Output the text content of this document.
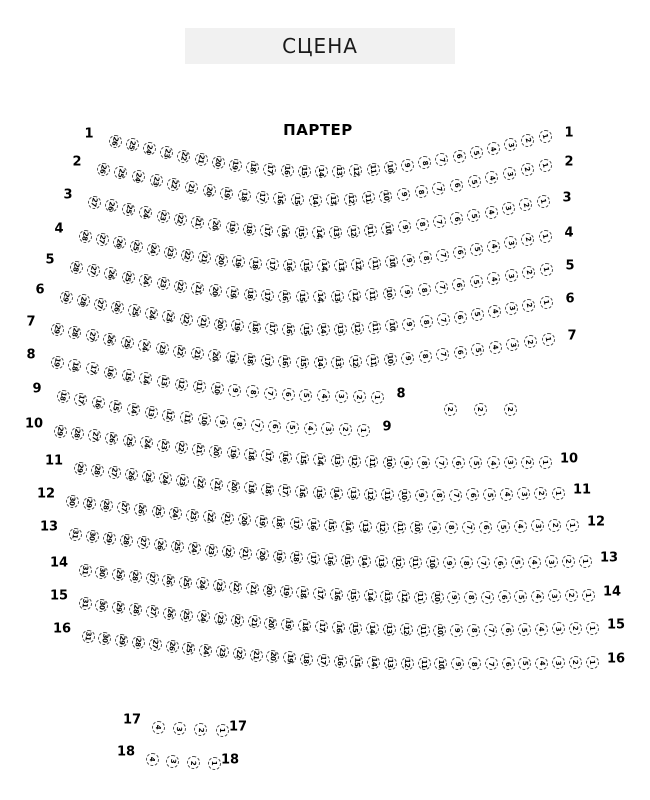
СЦЕНА
ПАРТЕР
26 25 24 23 22 21 20 19 18 17 16 15 14 13 12 11 10 9 8
7
6
5
4
3
2
1
1	1
26 25 24 23 22 21 20 19 18 17 16 15 14 13 12 11 10 9 8
7
6
5
4
3
2
1
2	2
27 26 25 24 23 22 21 20 19 18 17 16 15 14 13 12 11 10 9 8 7
6
5
4
3
2
1
3	3
28 27 26 25 24 23 22 21 20 19 18 17 16 15 14 13 12 11 10 9 8 7 6
5
4
3
2
1
4	4
28 27 26 25 24 23 22 21 20 19 18 17 16 15 14 13 12 11 10 9 8 7 6
5
4
3
2
1
5	5
29 28 27 26 25 24 23 22 21 20 19 18 17 16 15 14 13 12 11 10 9 8 7 6 5
4
3
2
1
6
6
29 28 27 26 25 24 23 22 21 20 19 18 17 16 15 14 13 12 11 10 9 8 7 6 5 4 3 2 1
7
7
19 18 17 16 15 14 13 12 11 10 9 8 7 6 5 4 3 2 1
8
8
18 17 16 15 14 13 12 11 10 9 8 7 6 5 4 3 2 1
9
9
29 28 27 26 25 24 23 22 21 20 19 18 17 16 15 14 13 12 11 10 9 8 7 6 5 4 3 2 1
10
10
29 28 27 26 25 24 23 22 21 20 19 18 17 16 15 14 13 12 11 10 9 8 7 6 5 4 3 2 1
11
11
30 29 28 27 26 25 24 23 22 21 20 19 18 17 16 15 14 13 12 11 10 9 8 7 6 5 4 3 2 1
12
12
31 30 29 28 27 26 25 24 23 22 21 20 19 18 17 16 15 14 13 12 11 10 9 8 7 6 5 4 3 2 1
13
13
31 30 29 28 27 26 25 24 23 22 21 20 19 18 17 16 15 14 13 12 11 10 9 8 7 6 5 4 3 2 1
14
14
31 30 29 28 27 26 25 24 23 22 21 20 19 18 17 16 15 14 13 12 11 10 9 8 7 6 5 4 3 2 1
15
15
31 30 29 28 27 26 25 24 23 22 21 20 19 18 17 16 15 14 13 12 11 10 9 8 7 6 5 4 3 2 1
16
16
4 3 2 1
17	17
4 3 2 1
18
18
2	2	2
